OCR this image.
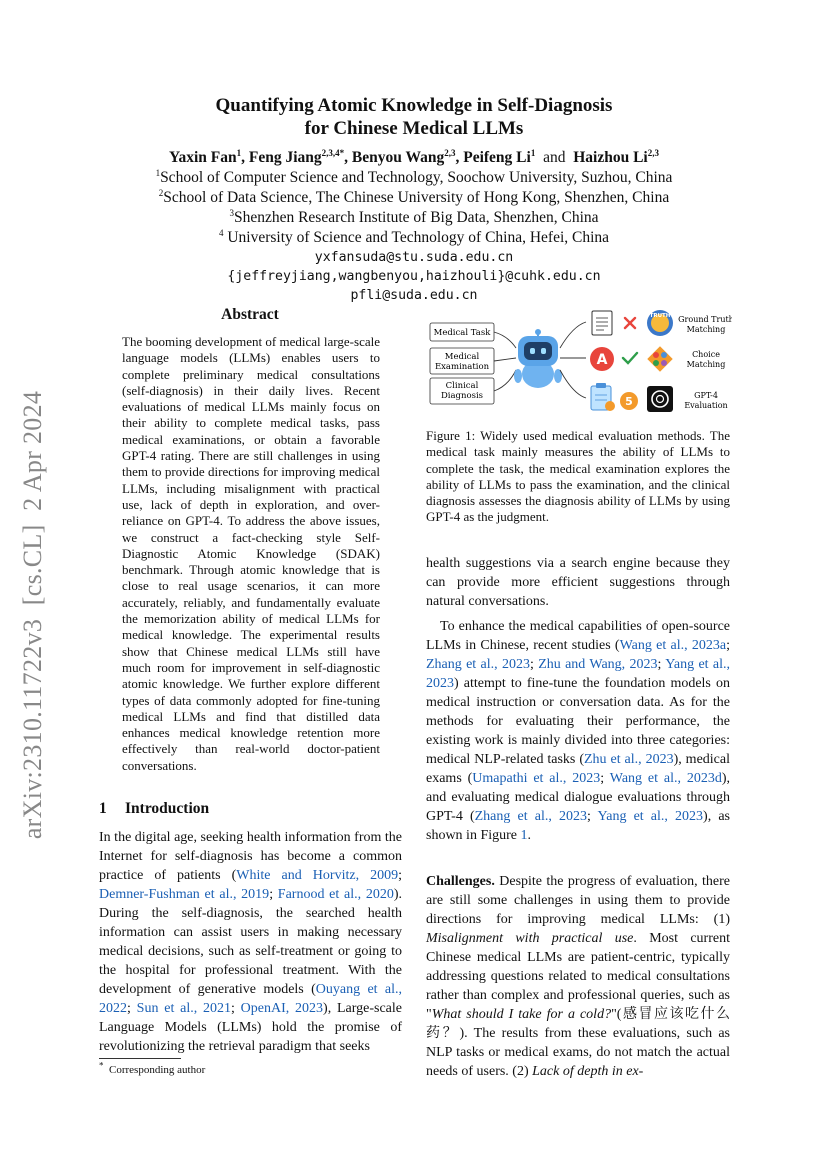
Quantifying Atomic Knowledge in Self-Diagnosis
for Chinese Medical LLMs
Yaxin Fan$^1$, Feng Jiang$^{2,3,4*}$, Benyou Wang$^{2,3}$, Peifeng Li$^1$ and Haizhou Li$^{2,3}$
$^1$School of Computer Science and Technology, Soochow University, Suzhou, China
$^2$School of Data Science, The Chinese University of Hong Kong, Shenzhen, China
$^3$Shenzhen Research Institute of Big Data, Shenzhen, China
$^4$ University of Science and Technology of China, Hefei, China
yxfansuda@stu.suda.edu.cn
{jeffreyjiang,wangbenyou,haizhouli}@cuhk.edu.cn
pfli@suda.edu.cn
arXiv:2310.11722v3  [cs.CL]  2 Apr 2024
Abstract

The booming development of medical large-scale language models (LLMs) enables users to complete preliminary medical consultations (self-diagnosis) in their daily lives. Recent evaluations of medical LLMs mainly focus on their ability to complete medical tasks, pass medical examinations, or obtain a favorable GPT-4 rating. There are still challenges in using them to provide directions for improving medical LLMs, including misalignment with practical use, lack of depth in exploration, and over-reliance on GPT-4. To address the above issues, we construct a fact-checking style Self-Diagnostic Atomic Knowledge (SDAK) benchmark. Through atomic knowledge that is close to real usage scenarios, it can more accurately, reliably, and fundamentally evaluate the memorization ability of medical LLMs for medical knowledge. The experimental results show that Chinese medical LLMs still have much room for improvement in self-diagnostic atomic knowledge. We further explore different types of data commonly adopted for fine-tuning medical LLMs and find that distilled data enhances medical knowledge retention more effectively than real-world doctor-patient conversations.

1 Introduction

In the digital age, seeking health information from the Internet for self-diagnosis has become a common practice of patients (White and Horvitz, 2009; Demner-Fushman et al., 2019; Farnood et al., 2020). During the self-diagnosis, the searched health information can assist users in making necessary medical decisions, such as self-treatment or going to the hospital for professional treatment. With the development of generative models (Ouyang et al., 2022; Sun et al., 2021; OpenAI, 2023), Large-scale Language Models (LLMs) hold the promise of revolutionizing the retrieval paradigm that seeks

Medical Task
Medical
Examination
Clinical
Diagnosis
TRUTH
A
5
Ground Truth
Matching
Choice
Matching
GPT-4
Evaluation
Figure 1: Widely used medical evaluation methods. The medical task mainly measures the ability of LLMs to complete the task, the medical examination explores the ability of LLMs to pass the examination, and the clinical diagnosis assesses the diagnosis ability of LLMs by using GPT-4 as the judgment.

health suggestions via a search engine because they can provide more efficient suggestions through natural conversations.

To enhance the medical capabilities of open-source LLMs in Chinese, recent studies (Wang et al., 2023a; Zhang et al., 2023; Zhu and Wang, 2023; Yang et al., 2023) attempt to fine-tune the foundation models on medical instruction or conversation data. As for the methods for evaluating their performance, the existing work is mainly divided into three categories: medical NLP-related tasks (Zhu et al., 2023), medical exams (Umapathi et al., 2023; Wang et al., 2023d), and evaluating medical dialogue evaluations through GPT-4 (Zhang et al., 2023; Yang et al., 2023), as shown in Figure 1.

Challenges. Despite the progress of evaluation, there are still some challenges in using them to provide directions for improving medical LLMs: (1) Misalignment with practical use. Most current Chinese medical LLMs are patient-centric, typically addressing questions related to medical consultations rather than complex and professional queries, such as "What should I take for a cold?"(感冒应该吃什么药？). The results from these evaluations, such as NLP tasks or medical exams, do not match the actual needs of users. (2) Lack of depth in ex-

* Corresponding author
